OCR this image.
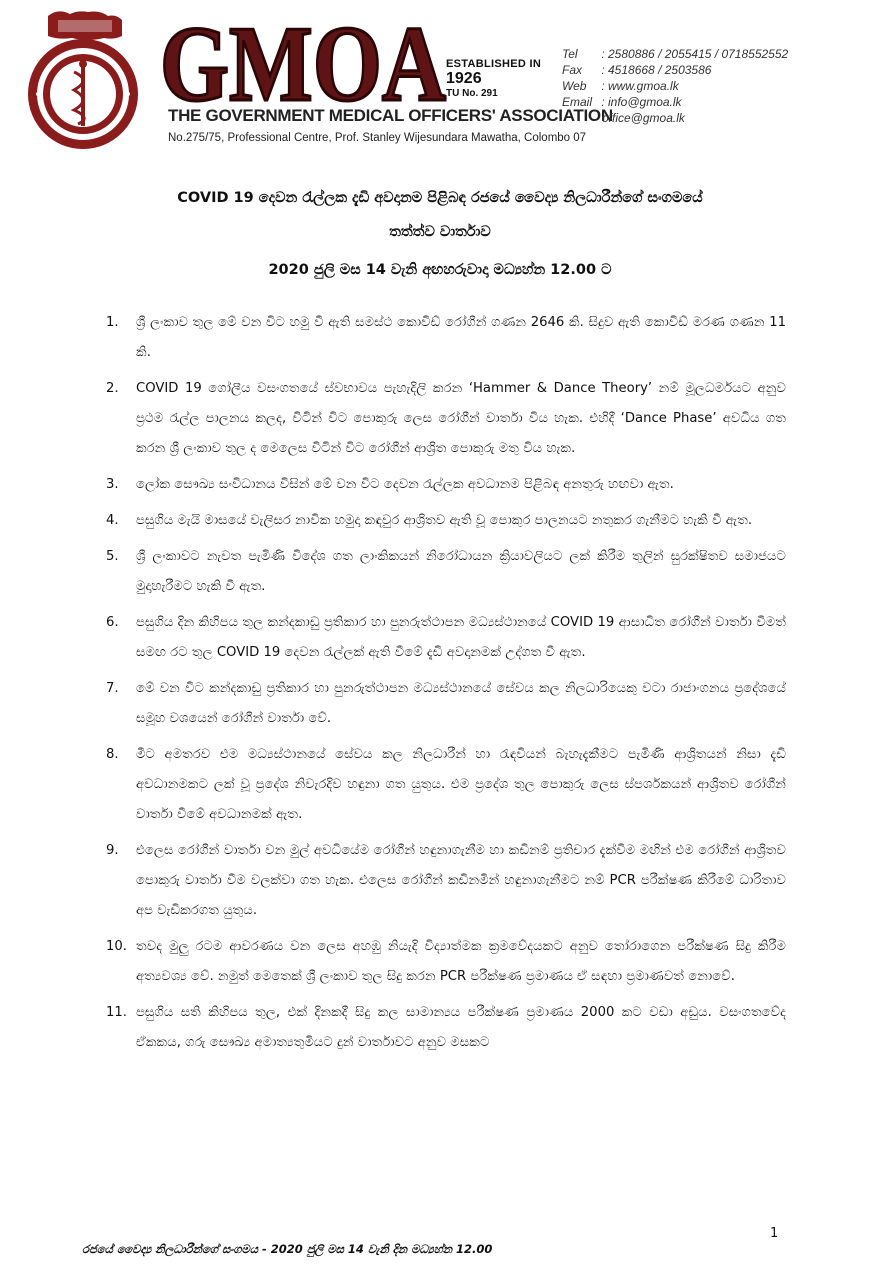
GMOA ESTABLISHED IN
1926
TU No. 291
THE GOVERNMENT MEDICAL OFFICERS' ASSOCIATION
No.275/75, Professional Centre, Prof. Stanley Wijesundara Mawatha, Colombo 07
Tel : 2580886 / 2055415 / 0718552552
Fax : 4518668 / 2503586
Web : www.gmoa.lk
Email : info@gmoa.lk
office@gmoa.lk
COVID 19 දෙවන රැල්ලක දැඩි අවදානම පිළිබඳ රජයේ වෛද්‍ය නිලධාරීන්ගේ සංගමයේ
තත්ත්ව වාර්තාව
2020 ජුලි මස 14 වැනි අඟහරුවාදා මධ්‍යහ්න 12.00 ට
1.	ශ්‍රී ලංකාව තුල මේ වන විට හමු වී ඇති සමස්ථ කොවිඩ් රෝගීන් ගණන 2646 කි. සිදුව ඇති කොවිඩ් මරණ ගණන 11 කි.
2.	COVID 19 ගෝලීය වසංගතයේ ස්වභාවය පැහැදිලි කරන ‘Hammer & Dance Theory’ නම් මූලධර්මයට අනුව ප්‍රථම රැල්ල පාලනය කලද, විටින් විට පොකුරු ලෙස රෝගීන් වාර්තා විය හැක. එහිදී ‘Dance Phase’ අවධිය ගත කරන ශ්‍රී ලංකාව තුල ද මෙලෙස විටින් විට රෝගීන් ආශ්‍රිත පොකුරු මතු විය හැක.
3.	ලෝක සෞඛ්‍ය සංවිධානය විසින් මේ වන විට දෙවන රැල්ලක අවධානම පිළිබඳ අනතුරු හඟවා ඇත.
4.	පසුගිය මැයි මාසයේ වැලිසර නාවික හමුදා කඳවුර ආශ්‍රිතව ඇති වූ පොකුර පාලනයට නතුකර ගැනීමට හැකි වී ඇත.
5.	ශ්‍රී ලංකාවට නැවත පැමිණි විදේශ ගත ලාංකිකයන් නිරෝධායන ක්‍රියාවලියට ලක් කිරීම තුලින් සුරක්ෂිතව සමාජයට මුදාහැරීමට හැකි වී ඇත.
6.	පසුගිය දින කිහිපය තුල කන්දකාඩු ප්‍රතිකාර හා පුනරුත්ථාපන මධ්‍යස්ථානයේ COVID 19 ආසාධිත රෝගීන් වාර්තා වීමත් සමඟ රට තුල COVID 19 දෙවන රැල්ලක් ඇති වීමේ දැඩි අවදානමක් උද්ගත වී ඇත.
7.	මේ වන විට කන්දකාඩු ප්‍රතිකාර හා පුනරුත්ථාපන මධ්‍යස්ථානයේ සේවය කල නිලධාරියෙකු වටා රාජාංගනය ප්‍රදේශයේ සමූහ වශයෙන් රෝගීන් වාර්තා වේ.
8.	මීට අමතරව එම මධ්‍යස්ථානයේ සේවය කල නිලධාරීන් හා රැඳවියන් බැහැදැකීමට පැමිණි ආශ්‍රිතයන් නිසා දැඩි අවධානමකට ලක් වූ ප්‍රදේශ නිවැරදිව හඳුනා ගත යුතුය. එම ප්‍රදේශ තුල පොකුරු ලෙස ස්පර්ශකයන් ආශ්‍රිතව රෝගීන් වාර්තා වීමේ අවධානමක් ඇත.
9.	එලෙස රෝගීන් වාර්තා වන මුල් අවධියේම රෝගීන් හඳුනාගැනීම හා කඩිනම් ප්‍රතිචාර දැක්වීම මඟින් එම රෝගීන් ආශ්‍රිතව පොකුරු වාර්තා වීම වලක්වා ගත හැක. එලෙස රෝගීන් කඩිනමින් හඳුනාගැනීමට නම් PCR පරීක්ෂණ කිරීමේ ධාරිතාව අප වැඩිකරගත යුතුය.
10. තවද මුලු රටම ආවරණය වන ලෙස අහඹු නියැදි විද්‍යාත්මක ක්‍රමවේදයකට අනුව තෝරාගෙන පරීක්ෂණ සිදු කිරීම අත්‍යවශ්‍ය වේ. නමුත් මෙතෙක් ශ්‍රී ලංකාව තුල සිදු කරන PCR පරීක්ෂණ ප්‍රමාණය ඒ සඳහා ප්‍රමාණවත් නොවේ.
11. පසුගිය සති කිහිපය තුල, එක් දිනකදී සිදු කල සාමාන්‍යය පරීක්ෂණ ප්‍රමාණය 2000 කට වඩා අඩුය. වසංගතවේද ඒකකය, ගරු සෞඛ්‍ය අමාත්‍යතුමියට දුන් වාර්තාවට අනුව මසකට
1
රජයේ වෛද්‍ය නිලධාරීන්ගේ සංගමය - 2020 ජුලි මස 14 වැනි දින මධ්‍යහ්න 12.00
